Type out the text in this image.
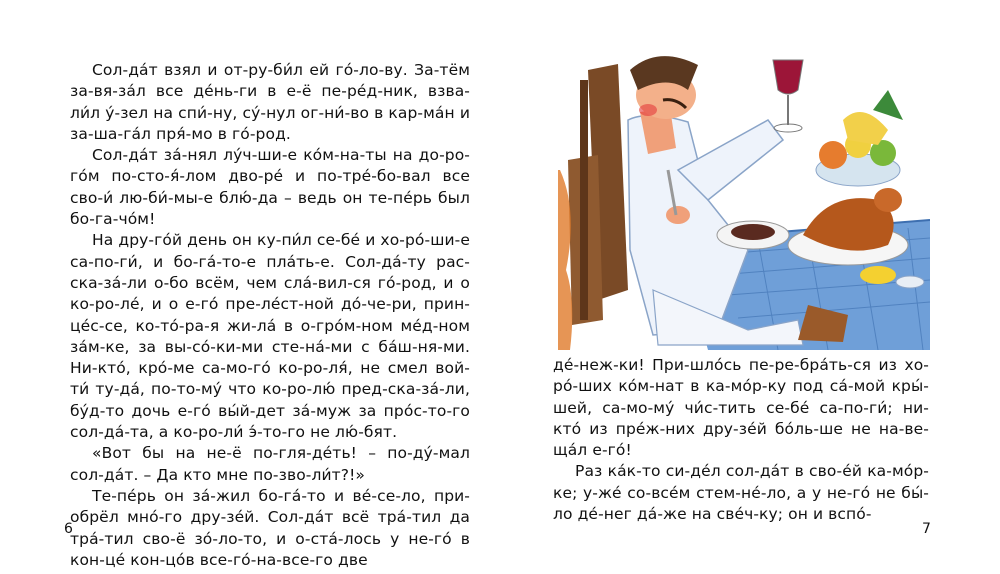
Сол-да́т взял и от-ру-би́л ей го́-ло-ву. За-тём за-вя-за́л все де́нь-ги в е-ё пе-ре́д-ник, взва-ли́л у́-зел на спи́-ну, су́-нул ог-ни́-во в кар-ма́н и за-ша-га́л пря́-мо в го́-род.

Сол-да́т за́-нял лу́ч-ши-е ко́м-на-ты на до-ро-го́м по-сто-я́-лом дво-ре́ и по-тре́-бо-вал все сво-и́ лю-би́-мы-е блю́-да – ведь он те-пе́рь был бо-га-чо́м!

На дру-го́й день он ку-пи́л се-бе́ и хо-ро́-ши-е са-по-ги́, и бо-га́-то-е пла́ть-е. Сол-да́-ту рас-ска-за́-ли о-бо всём, чем сла́-вил-ся го́-род, и о ко-ро-ле́, и о е-го́ пре-ле́ст-ной до́-че-ри, прин-це́с-се, ко-то́-ра-я жи-ла́ в о-гро́м-ном ме́д-ном за́м-ке, за вы-со́-ки-ми сте-на́-ми с ба́ш-ня-ми. Ни-кто́, кро́-ме са-мо-го́ ко-ро-ля́, не смел вой-ти́ ту-да́, по-то-му́ что ко-ро-лю́ пред-ска-за́-ли, бу́д-то дочь е-го́ вы́й-дет за́-муж за про́с-то-го сол-да́-та, а ко-ро-ли́ э́-то-го не лю́-бят.

«Вот бы на не-ё по-гля-де́ть! – по-ду́-мал сол-да́т. – Да кто мне по-зво-ли́т?!»

Те-пе́рь он за́-жил бо-га́-то и ве́-се-ло, при-обрёл мно́-го дру-зе́й. Сол-да́т всё тра́-тил да тра́-тил сво-ё зо́-ло-то, и о-ста́-лось у не-го́ в кон-це́ кон-цо́в все-го́-на-все-го две

6

де́-неж-ки! При-шло́сь пе-ре-бра́ть-ся из хо-ро́-ших ко́м-нат в ка-мо́р-ку под са́-мой кры́-шей, са-мо-му́ чи́с-тить се-бе́ са-по-ги́; ни-кто́ из пре́ж-них дру-зе́й бо́ль-ше не на-ве-ща́л е-го́!

Раз ка́к-то си-де́л сол-да́т в сво-е́й ка-мо́р-ке; у-же́ со-все́м стем-не́-ло, а у не-го́ не бы́-ло де́-нег да́-же на све́ч-ку; он и вспо́-

7
